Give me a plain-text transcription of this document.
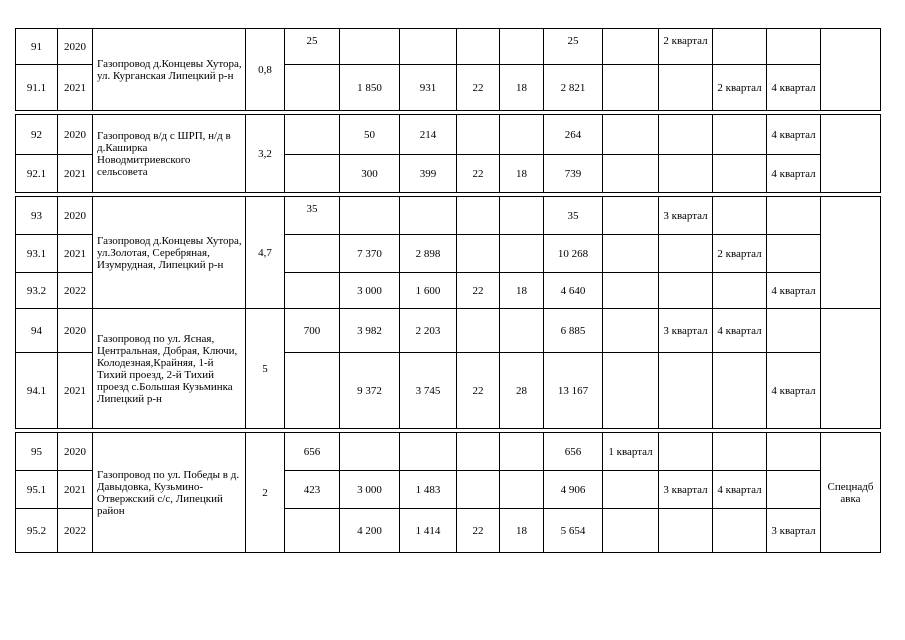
91	2020	Газопровод д.Концевы Хутора, ул. Курганская Липецкий р-н	0,8	25					25		2 квартал			
91.1	2021				1 850	931	22	18	2 821			2 квартал	4 квартал	

92	2020	Газопровод в/д с ШРП, н/д в д.Каширка Новодмитриевского сельсовета	3,2		50	214			264				4 квартал	
92.1	2021				300	399	22	18	739				4 квартал	

93	2020	Газопровод д.Концевы Хутора, ул.Золотая, Серебряная, Изумрудная, Липецкий р-н	4,7	35					35		3 квартал			
93.1	2021				7 370	2 898			10 268			2 квартал		
93.2	2022				3 000	1 600	22	18	4 640				4 квартал	
94	2020	Газопровод по ул. Ясная, Центральная, Добрая, Ключи, Колодезная,Крайняя, 1-й Тихий проезд, 2-й Тихий проезд с.Большая Кузьминка Липецкий р-н	5	700	3 982	2 203			6 885		3 квартал	4 квартал		
94.1	2021				9 372	3 745	22	28	13 167				4 квартал	

95	2020	Газопровод по ул. Победы в д. Давыдовка, Кузьмино-Отвержский с/с, Липецкий район	2	656					656	1 квартал				Спецнадб авка
95.1	2021			423	3 000	1 483			4 906		3 квартал	4 квартал		
95.2	2022				4 200	1 414	22	18	5 654				3 квартал	
